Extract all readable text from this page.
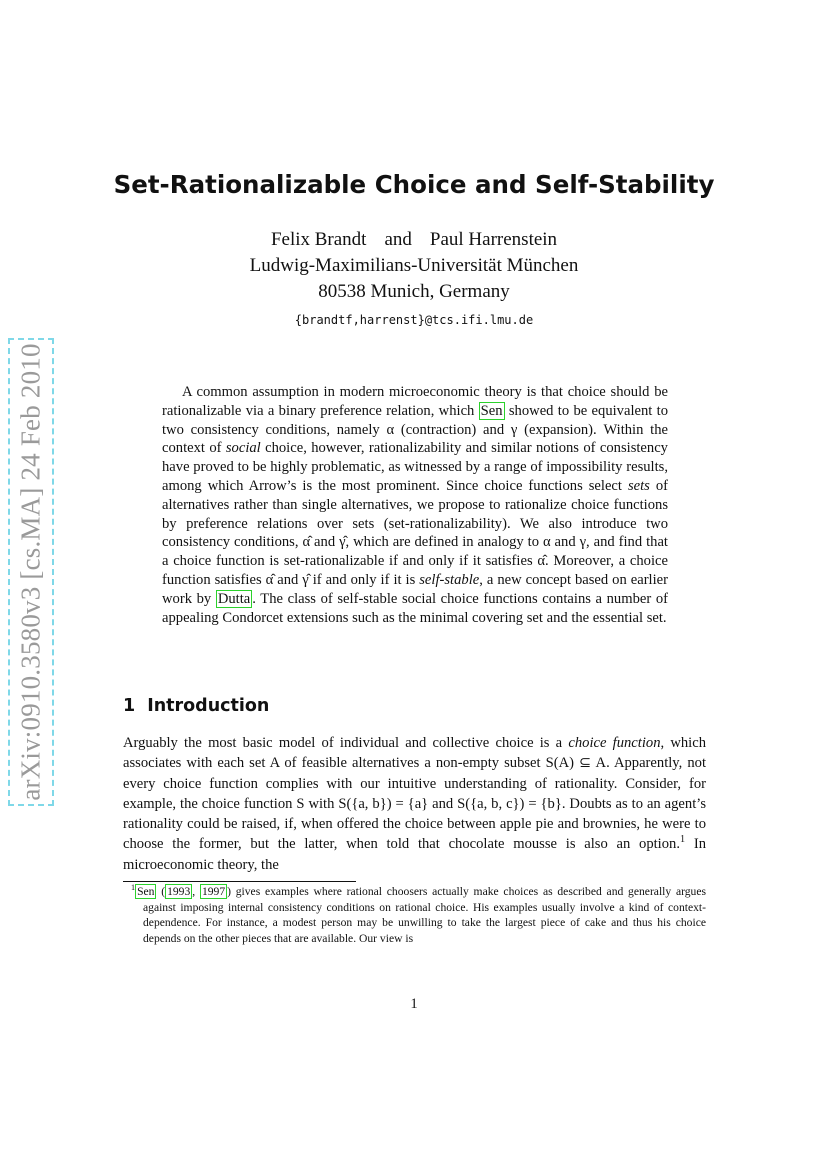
arXiv:0910.3580v3 [cs.MA] 24 Feb 2010
Set-Rationalizable Choice and Self-Stability
Felix Brandt and Paul Harrenstein
Ludwig-Maximilians-Universität München
80538 Munich, Germany
{brandtf,harrenst}@tcs.ifi.lmu.de

A common assumption in modern microeconomic theory is that choice should be rationalizable via a binary preference relation, which Sen showed to be equivalent to two consistency conditions, namely α (contraction) and γ (expansion). Within the context of social choice, however, rationalizability and similar notions of consistency have proved to be highly problematic, as witnessed by a range of impossibility results, among which Arrow’s is the most prominent. Since choice functions select sets of alternatives rather than single alternatives, we propose to rationalize choice functions by preference relations over sets (set-rationalizability). We also introduce two consistency conditions, α̂ and γ̂, which are defined in analogy to α and γ, and find that a choice function is set-rationalizable if and only if it satisfies α̂. Moreover, a choice function satisfies α̂ and γ̂ if and only if it is self-stable, a new concept based on earlier work by Dutta . The class of self-stable social choice functions contains a number of appealing Condorcet extensions such as the minimal covering set and the essential set.

1 Introduction

Arguably the most basic model of individual and collective choice is a choice function, which associates with each set A of feasible alternatives a non-empty subset S(A) ⊆ A. Apparently, not every choice function complies with our intuitive understanding of rationality. Consider, for example, the choice function S with S({a, b}) = {a} and S({a, b, c}) = {b}. Doubts as to an agent’s rationality could be raised, if, when offered the choice between apple pie and brownies, he were to choose the former, but the latter, when told that chocolate mousse is also an option.$^1$ In microeconomic theory, the

$^1$ Sen ( 1993 , 1997 ) gives examples where rational choosers actually make choices as described and generally argues against imposing internal consistency conditions on rational choice. His examples usually involve a kind of context-dependence. For instance, a modest person may be unwilling to take the largest piece of cake and thus his choice depends on the other pieces that are available. Our view is

1
